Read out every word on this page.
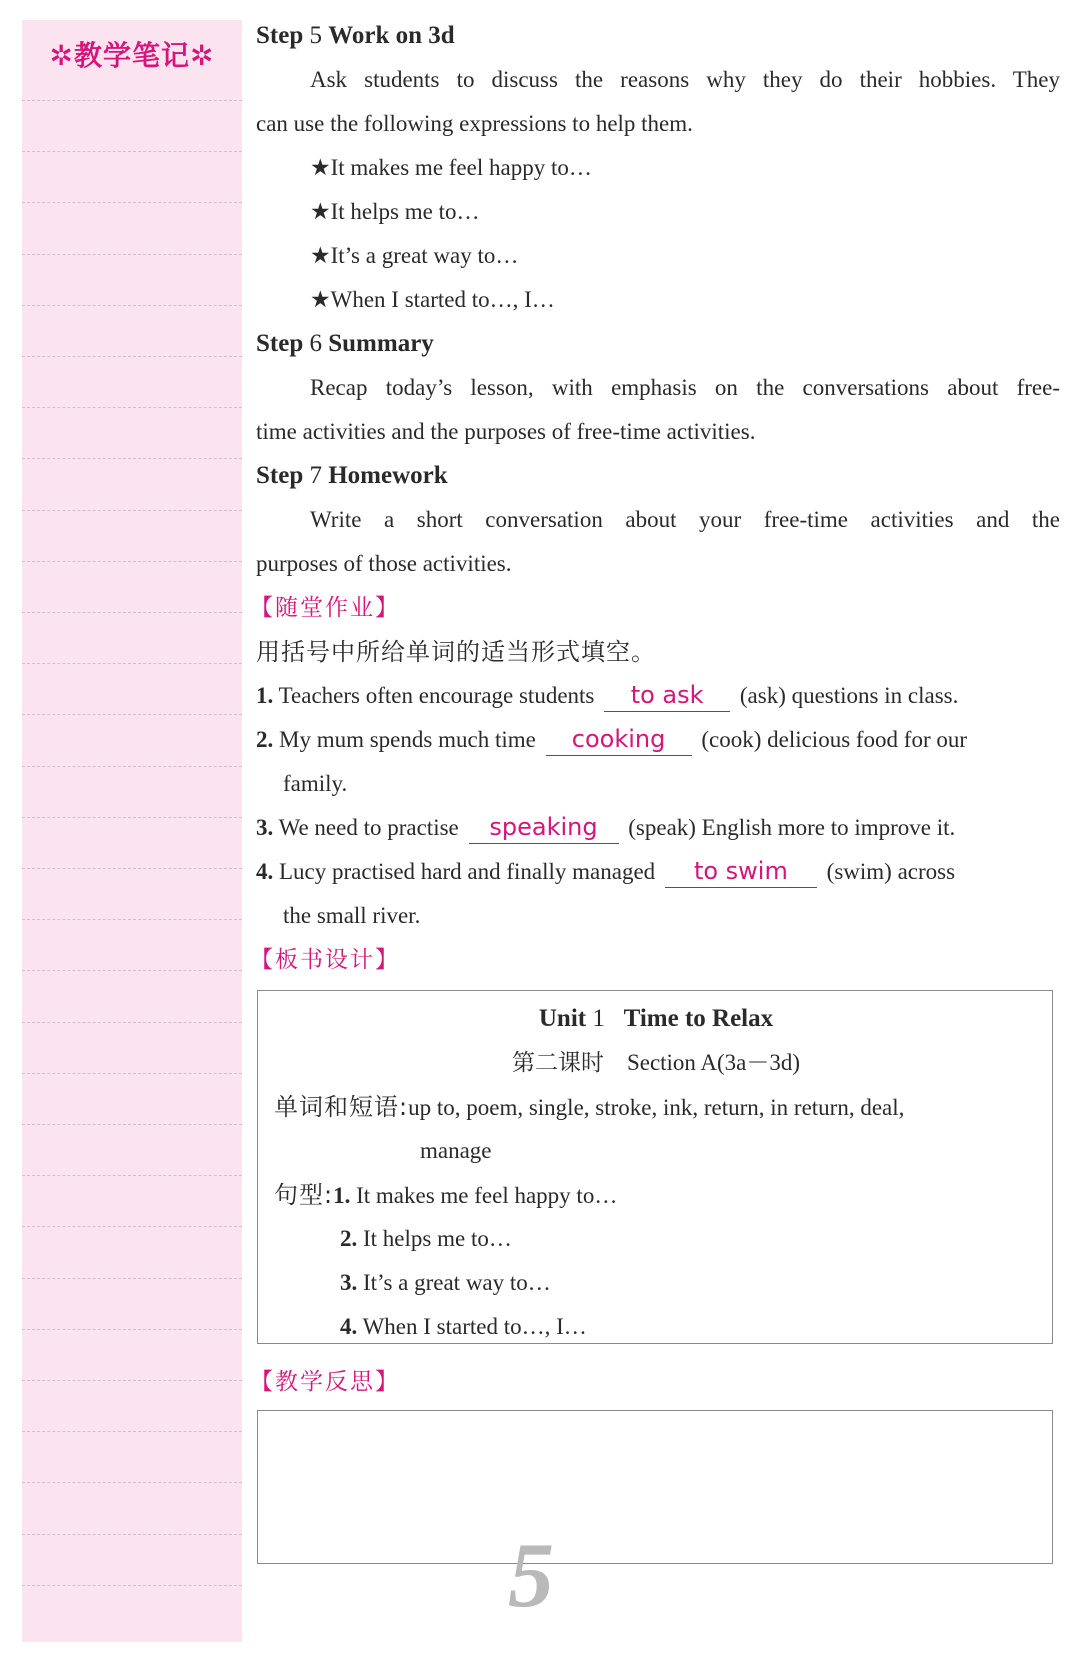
✲教学笔记✲
Step 5 Work on 3d
Ask students to discuss the reasons why they do their hobbies. They
can use the following expressions to help them.
★It makes me feel happy to…
★It helps me to…
★It’s a great way to…
★When I started to…, I…
Step 6 Summary
Recap today’s lesson, with emphasis on the conversations about free-
time activities and the purposes of free-time activities.
Step 7 Homework
Write a short conversation about your free-time activities and the
purposes of those activities.
【随堂作业】
用括号中所给单词的适当形式填空。
1. Teachers often encourage students to ask (ask) questions in class.
2. My mum spends much time cooking (cook) delicious food for our
family.
3. We need to practise speaking (speak) English more to improve it.
4. Lucy practised hard and finally managed to swim (swim) across
the small river.
【板书设计】
【教学反思】
Unit 1 Time to Relax
第二课时　Section A(3a－3d)
单词和短语:up to, poem, single, stroke, ink, return, in return, deal,
manage
句型:1. It makes me feel happy to…
2. It helps me to…
3. It’s a great way to…
4. When I started to…, I…
5
